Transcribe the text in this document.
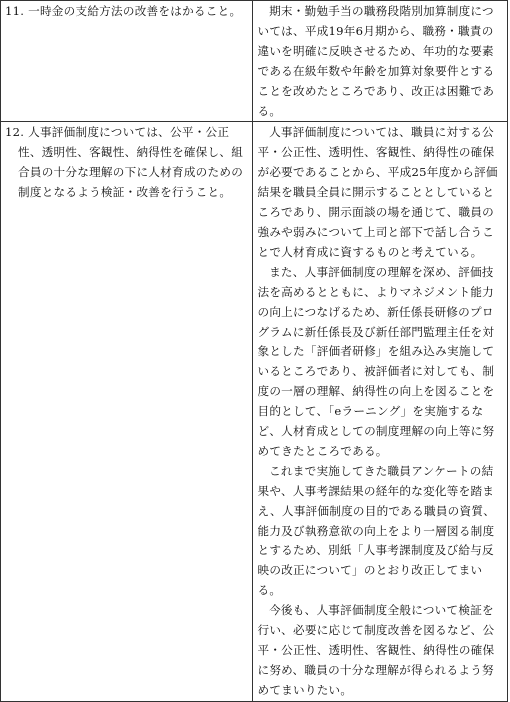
11. 一時金の支給方法の改善をはかること。	期末・勤勉手当の職務段階別加算制度については、平成19年6月期から、職務・職責の違いを明確に反映させるため、年功的な要素である在級年数や年齢を加算対象要件とすることを改めたところであり、改正は困難である。

12. 人事評価制度については、公平・公正性、透明性、客観性、納得性を確保し、組合員の十分な理解の下に人材育成のための制度となるよう検証・改善を行うこと。	人事評価制度については、職員に対する公平・公正性、透明性、客観性、納得性の確保が必要であることから、平成25年度から評価結果を職員全員に開示することとしているところであり、開示面談の場を通じて、職員の強みや弱みについて上司と部下で話し合うことで人材育成に資するものと考えている。

また、人事評価制度の理解を深め、評価技法を高めるとともに、よりマネジメント能力の向上につなげるため、新任係長研修のプログラムに新任係長及び新任部門監理主任を対象とした「評価者研修」を組み込み実施しているところであり、被評価者に対しても、制度の一層の理解、納得性の向上を図ることを目的として、「eラーニング」を実施するなど、人材育成としての制度理解の向上等に努めてきたところである。

これまで実施してきた職員アンケートの結果や、人事考課結果の経年的な変化等を踏まえ、人事評価制度の目的である職員の資質、能力及び執務意欲の向上をより一層図る制度とするため、別紙「人事考課制度及び給与反映の改正について」のとおり改正してまいる。

今後も、人事評価制度全般について検証を行い、必要に応じて制度改善を図るなど、公平・公正性、透明性、客観性、納得性の確保に努め、職員の十分な理解が得られるよう努めてまいりたい。
